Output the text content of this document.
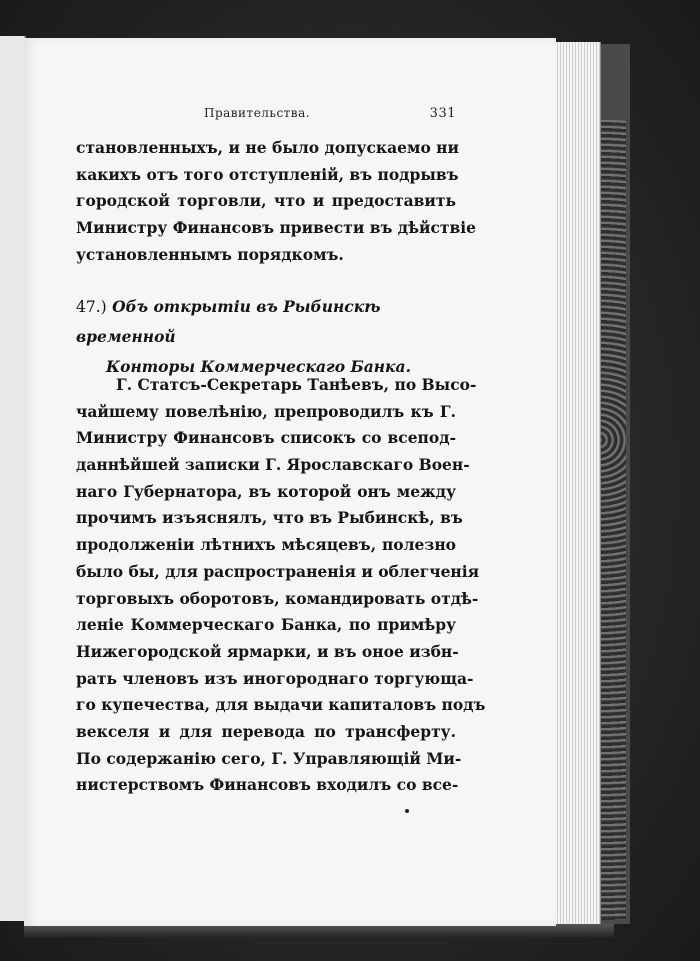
Правительства.	331
становленныхъ, и не было допускаемо ни
какихъ отъ того отступленій, въ подрывъ
городской торговли, что и предоставить
Министру Финансовъ привести въ дѣйствіе
установленнымъ порядкомъ.
47.) Объ открытіи въ Рыбинскѣ временной
Конторы Коммерческаго Банка.
Г. Статсъ-Секретарь Танѣевъ, по Высо-
чайшему повелѣнію, препроводилъ къ Г.
Министру Финансовъ списокъ со всепод-
даннѣйшей записки Г. Ярославскаго Воен-
наго Губернатора, въ которой онъ между
прочимъ изъяснялъ, что въ Рыбинскѣ, въ
продолженіи лѣтнихъ мѣсяцевъ, полезно
было бы, для распространенія и облегченія
торговыхъ оборотовъ, командировать отдѣ-
леніе Коммерческаго Банка, по примѣру
Нижегородской ярмарки, и въ оное избн-
рать членовъ изъ иногороднаго торгующа-
го купечества, для выдачи капиталовъ подъ
векселя и для перевода по трансферту.
По содержанію сего, Г. Управляющій Ми-
нистерствомъ Финансовъ входилъ со все-
